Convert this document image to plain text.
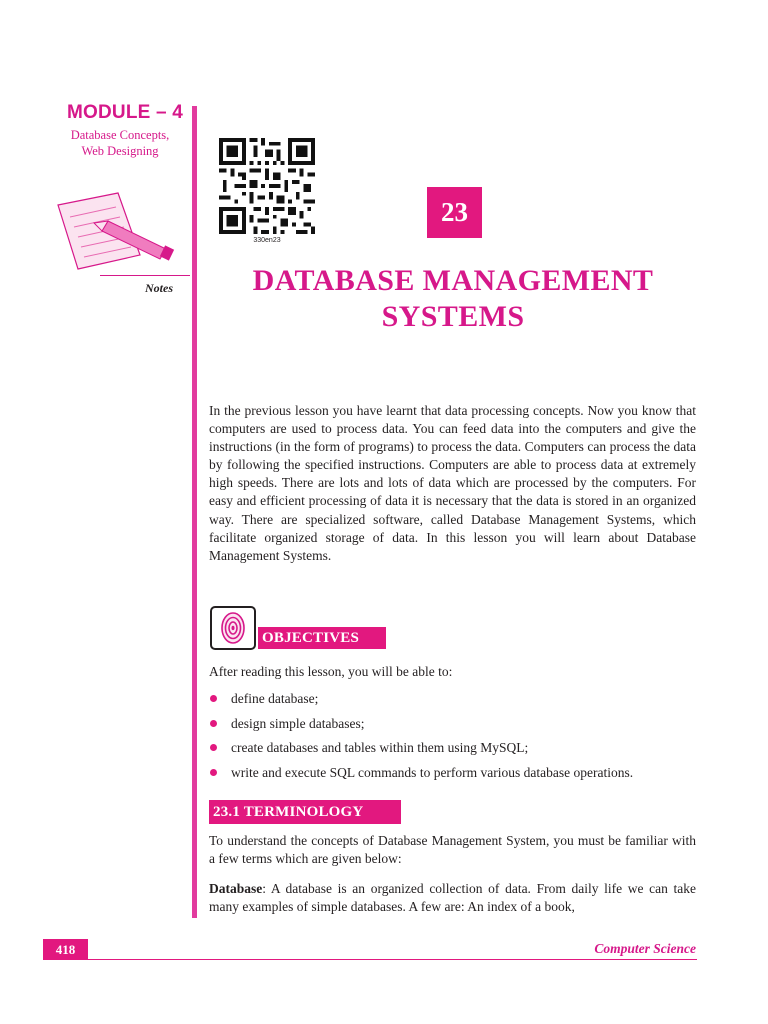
MODULE – 4
Database Concepts,
Web Designing
Notes
330en23
23
DATABASE MANAGEMENT
SYSTEMS
In the previous lesson you have learnt that data processing concepts. Now you know that computers are used to process data. You can feed data into the computers and give the instructions (in the form of programs) to process the data. Computers can process the data by following the specified instructions. Computers are able to process data at extremely high speeds. There are lots and lots of data which are processed by the computers. For easy and efficient processing of data it is necessary that the data is stored in an organized way. There are specialized software, called Database Management Systems, which facilitate organized storage of data. In this lesson you will learn about Database Management Systems.
OBJECTIVES
After reading this lesson, you will be able to:
define database;
design simple databases;
create databases and tables within them using MySQL;
write and execute SQL commands to perform various database operations.
23.1 TERMINOLOGY
To understand the concepts of Database Management System, you must be familiar with a few terms which are given below:
Database: A database is an organized collection of data. From daily life we can take many examples of simple databases. A few are: An index of a book,
418	Computer Science
